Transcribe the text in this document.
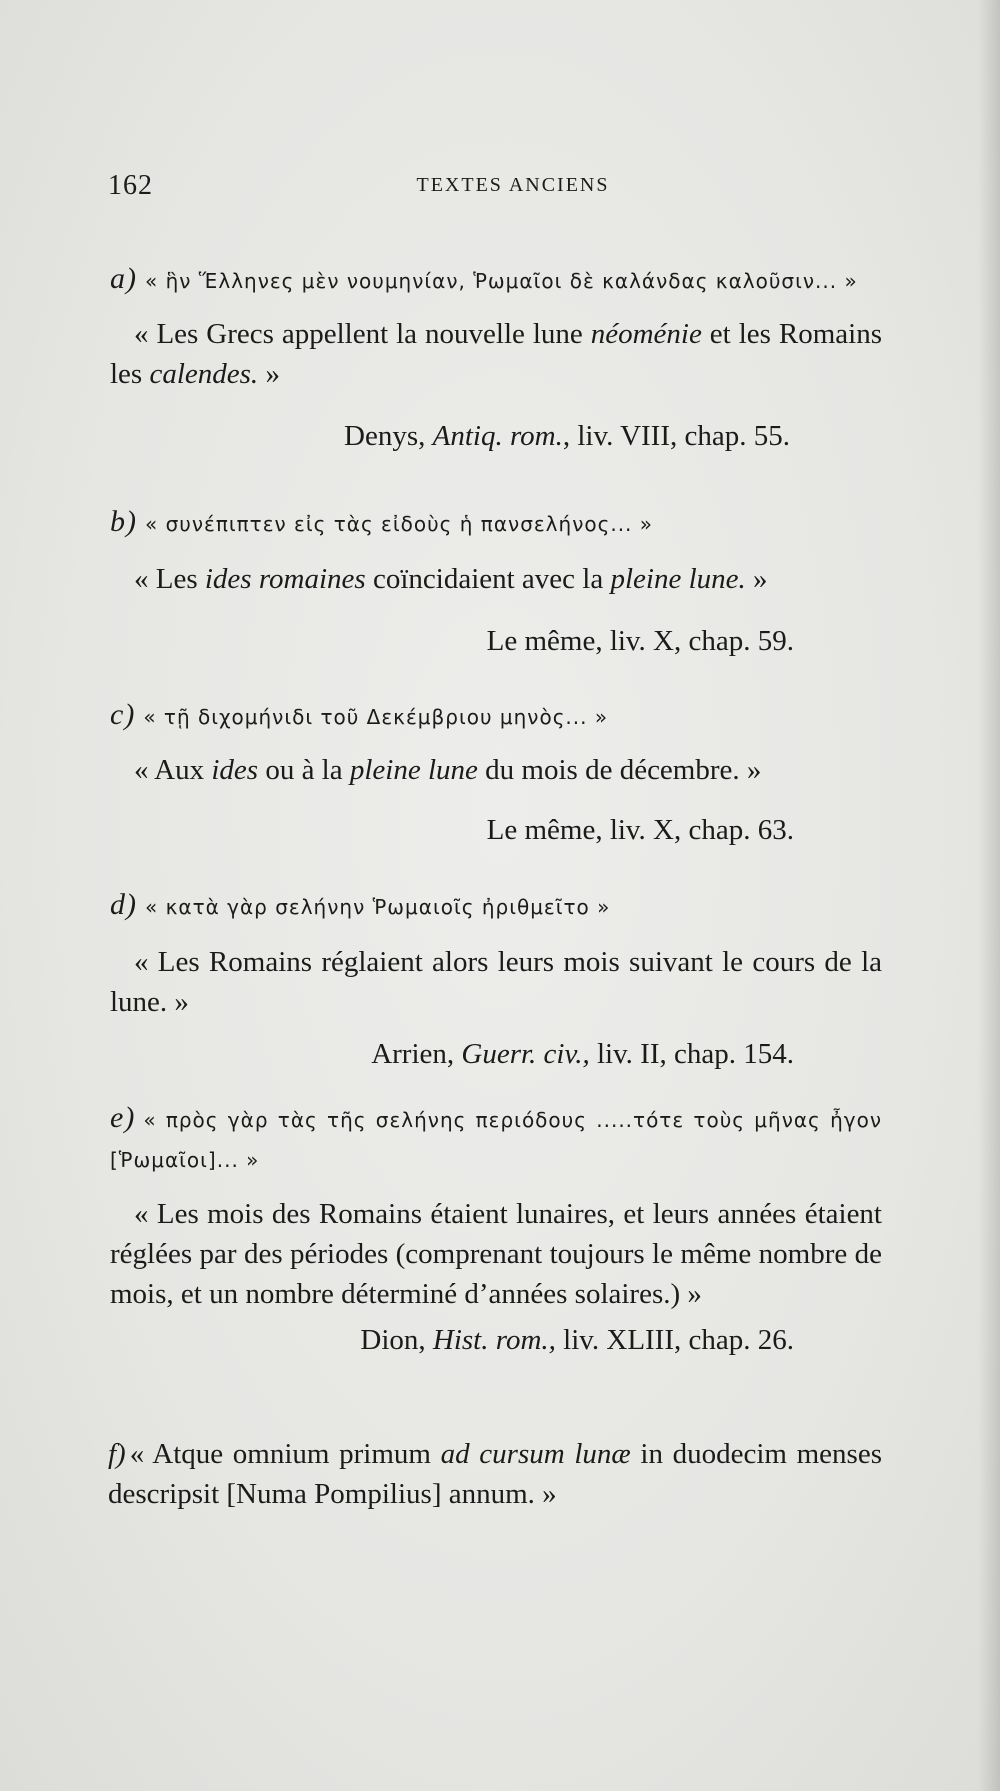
162	TEXTES ANCIENS
a) « ἣν Ἕλληνες μὲν νουμηνίαν, Ῥωμαῖοι δὲ καλάνδας καλοῦσιν... »
« Les Grecs appellent la nouvelle lune néoménie et les Romains les calendes. »
Denys, Antiq. rom., liv. VIII, chap. 55.
b) « συνέπιπτεν εἰς τὰς εἰδοὺς ἡ πανσελήνος... »
« Les ides romaines coïncidaient avec la pleine lune. »
Le même, liv. X, chap. 59.
c) « τῇ διχομήνιδι τοῦ Δεκέμβριου μηνὸς... »
« Aux ides ou à la pleine lune du mois de décembre. »
Le même, liv. X, chap. 63.
d) « κατὰ γὰρ σελήνην Ῥωμαιοῖς ἠριθμεῖτο »
« Les Romains réglaient alors leurs mois suivant le cours de la lune. »
Arrien, Guerr. civ., liv. II, chap. 154.
e) « πρὸς γὰρ τὰς τῆς σελήνης περιόδους .....τότε τοὺς μῆνας ἦγον [Ῥωμαῖοι]... »
« Les mois des Romains étaient lunaires, et leurs années étaient réglées par des périodes (comprenant toujours le même nombre de mois, et un nombre déterminé d’années solaires.) »
Dion, Hist. rom., liv. XLIII, chap. 26.
f) « Atque omnium primum ad cursum lunæ in duodecim menses descripsit [Numa Pompilius] annum. »
